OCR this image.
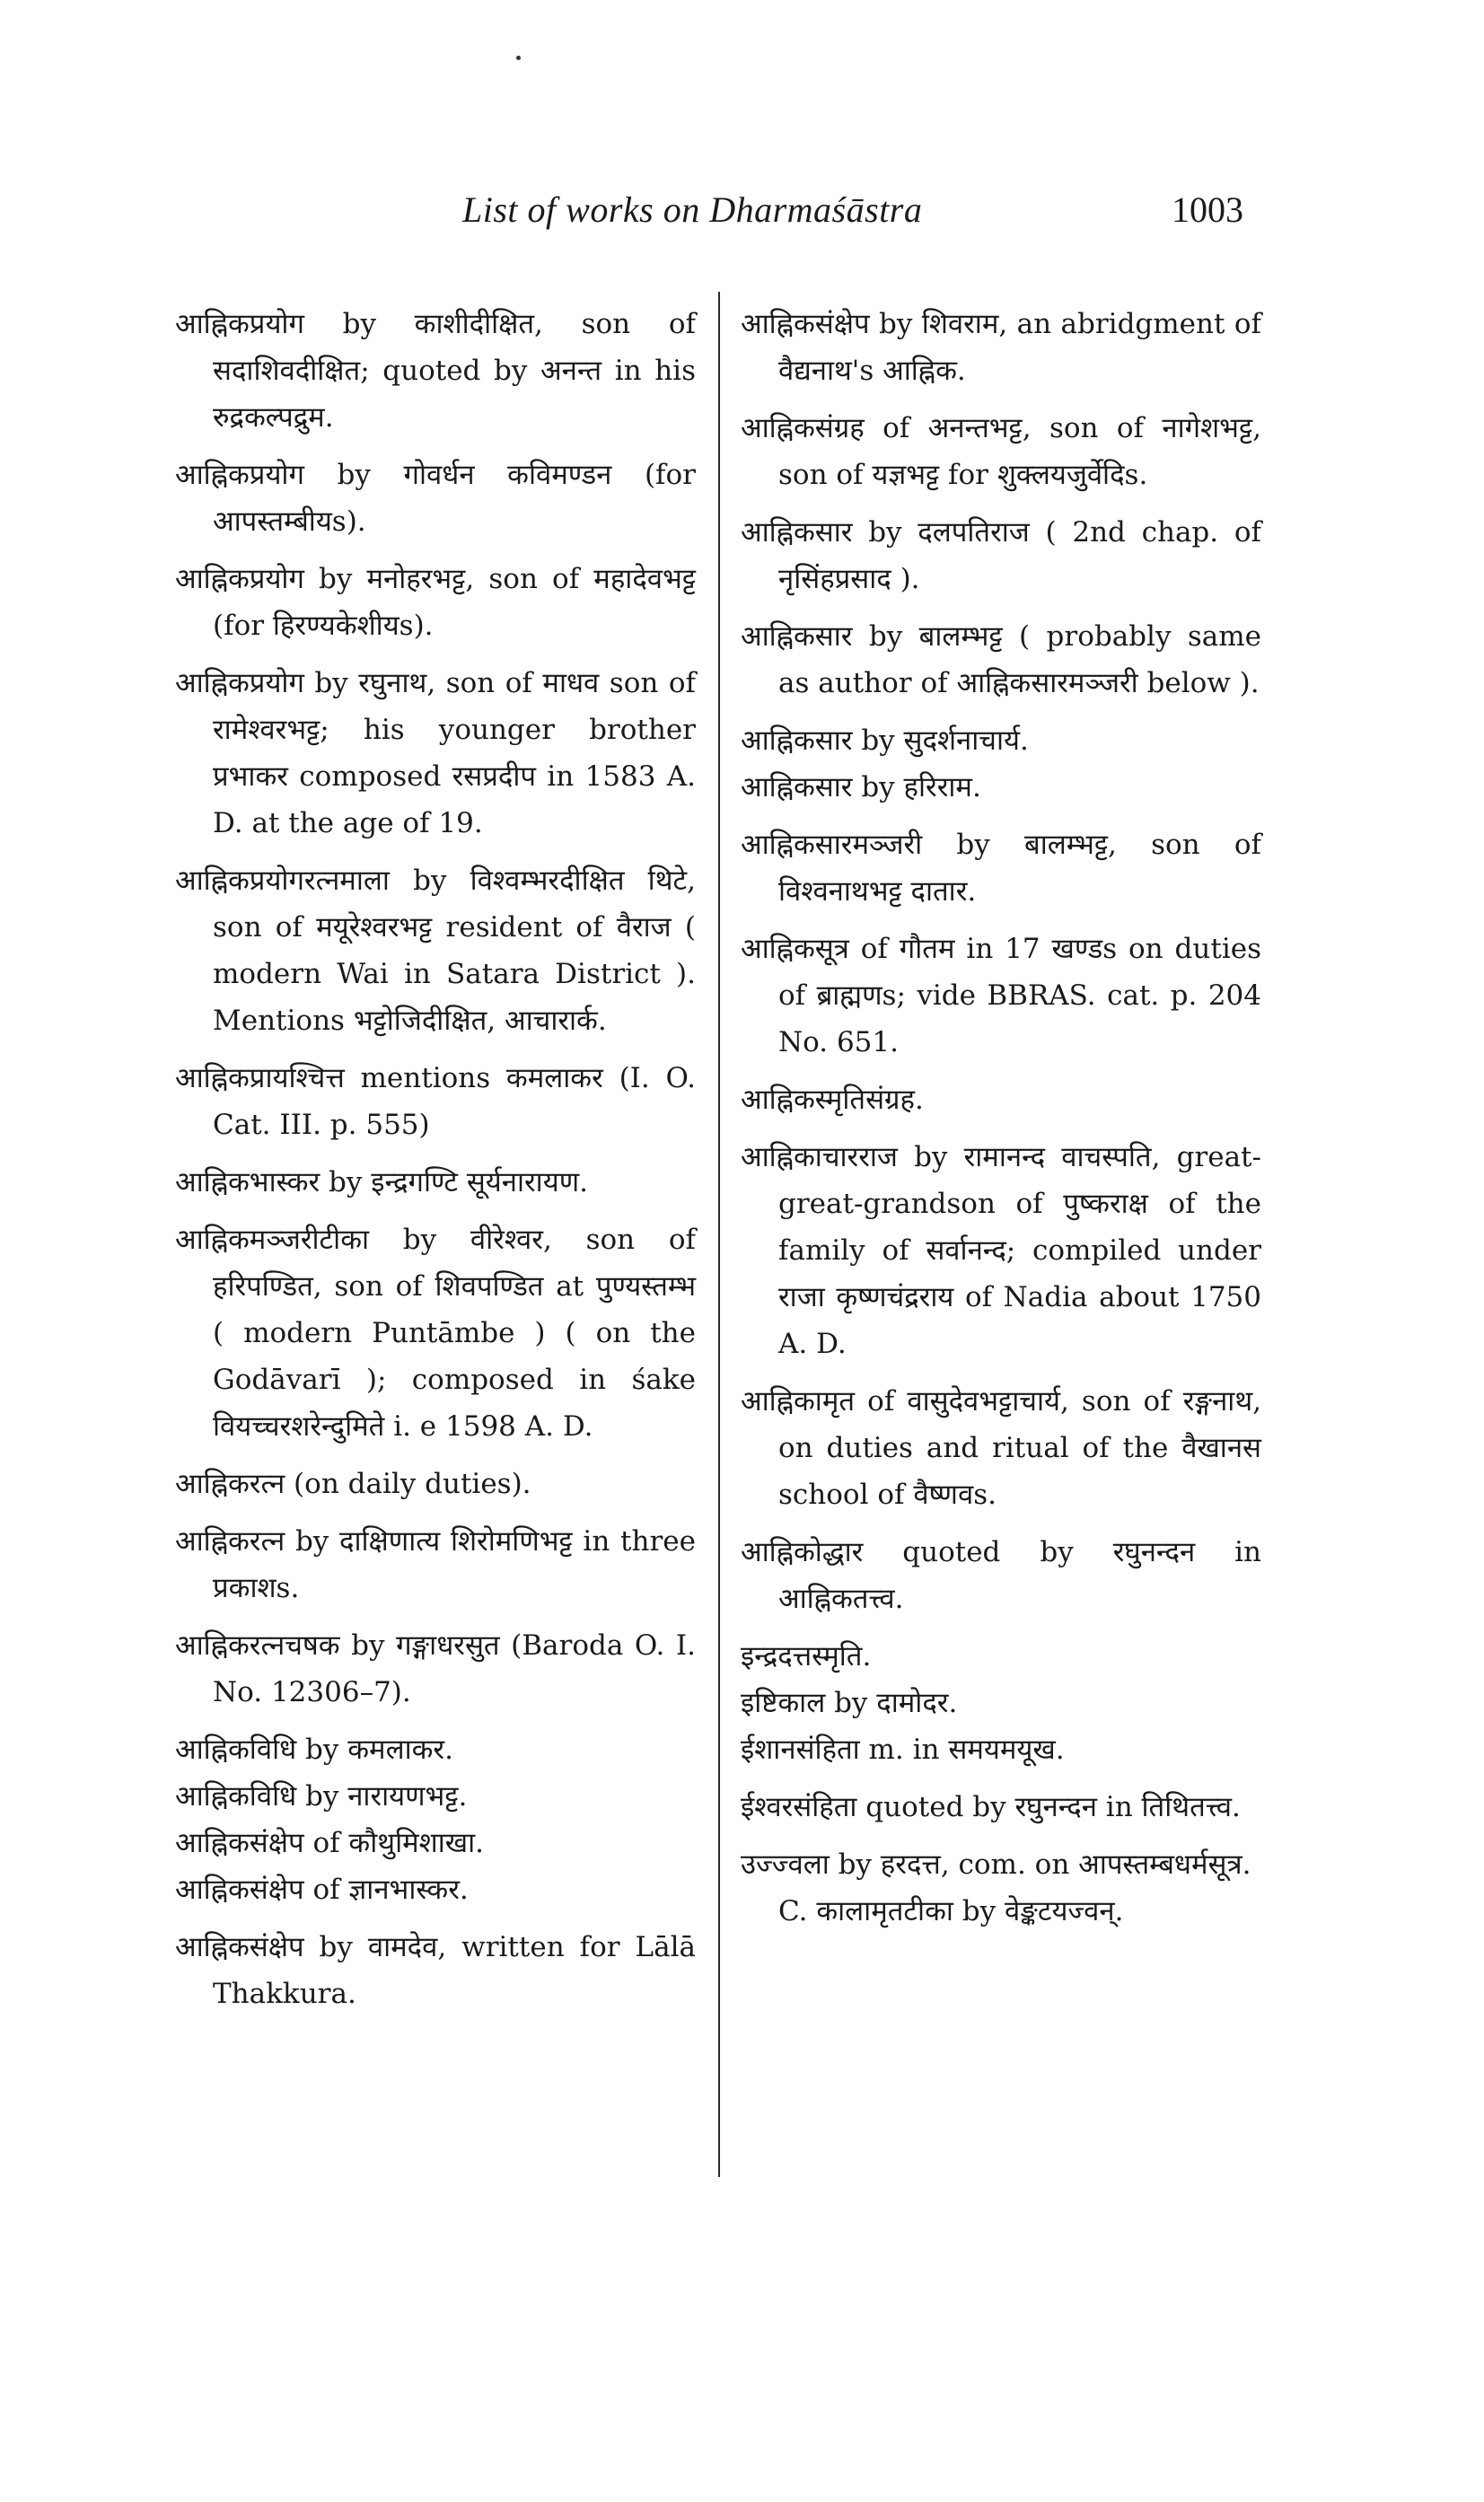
List of works on Dharmaśāstra	1003

आह्निकप्रयोग by काशीदीक्षित, son of सदाशिवदीक्षित; quoted by अनन्त in his रुद्रकल्पद्रुम.

आह्निकप्रयोग by गोवर्धन कविमण्डन (for आपस्तम्बीयs).

आह्निकप्रयोग by मनोहरभट्ट, son of महादेवभट्ट (for हिरण्यकेशीयs).

आह्निकप्रयोग by रघुनाथ, son of माधव son of रामेश्वरभट्ट; his younger brother प्रभाकर composed रसप्रदीप in 1583 A. D. at the age of 19.

आह्निकप्रयोगरत्नमाला by विश्वम्भरदीक्षित थिटे, son of मयूरेश्वरभट्ट resident of वैराज ( modern Wai in Satara District ). Mentions भट्टोजिदीक्षित, आचारार्क.

आह्निकप्रायश्चित्त mentions कमलाकर (I. O. Cat. III. p. 555)

आह्निकभास्कर by इन्द्रगण्टि सूर्यनारायण.

आह्निकमञ्जरीटीका by वीरेश्वर, son of हरिपण्डित, son of शिवपण्डित at पुण्यस्तम्भ ( modern Puntāmbe ) ( on the Godāvarī ); composed in śake वियच्चरशरेन्दुमिते i. e 1598 A. D.

आह्निकरत्न (on daily duties).

आह्निकरत्न by दाक्षिणात्य शिरोमणिभट्ट in three प्रकाशs.

आह्निकरत्नचषक by गङ्गाधरसुत (Baroda O. I. No. 12306–7).

आह्निकविधि by कमलाकर.

आह्निकविधि by नारायणभट्ट.

आह्निकसंक्षेप of कौथुमिशाखा.

आह्निकसंक्षेप of ज्ञानभास्कर.

आह्निकसंक्षेप by वामदेव, written for Lālā Thakkura.

आह्निकसंक्षेप by शिवराम, an abridgment of वैद्यनाथ's आह्निक.

आह्निकसंग्रह of अनन्तभट्ट, son of नागेशभट्ट, son of यज्ञभट्ट for शुक्लयजुर्वेदिs.

आह्निकसार by दलपतिराज ( 2nd chap. of नृसिंहप्रसाद ).

आह्निकसार by बालम्भट्ट ( probably same as author of आह्निकसारमञ्जरी below ).

आह्निकसार by सुदर्शनाचार्य.

आह्निकसार by हरिराम.

आह्निकसारमञ्जरी by बालम्भट्ट, son of विश्वनाथभट्ट दातार.

आह्निकसूत्र of गौतम in 17 खण्डs on duties of ब्राह्मणs; vide BBRAS. cat. p. 204 No. 651.

आह्निकस्मृतिसंग्रह.

आह्निकाचारराज by रामानन्द वाचस्पति, great-great-grandson of पुष्कराक्ष of the family of सर्वानन्द; compiled under राजा कृष्णचंद्रराय of Nadia about 1750 A. D.

आह्निकामृत of वासुदेवभट्टाचार्य, son of रङ्गनाथ, on duties and ritual of the वैखानस school of वैष्णवs.

आह्निकोद्धार quoted by रघुनन्दन in आह्निकतत्त्व.

इन्द्रदत्तस्मृति.

इष्टिकाल by दामोदर.

ईशानसंहिता m. in समयमयूख.

ईश्वरसंहिता quoted by रघुनन्दन in तिथितत्त्व.

उज्ज्वला by हरदत्त, com. on आपस्तम्बधर्मसूत्र.

C. कालामृतटीका by वेङ्कटयज्वन्.
